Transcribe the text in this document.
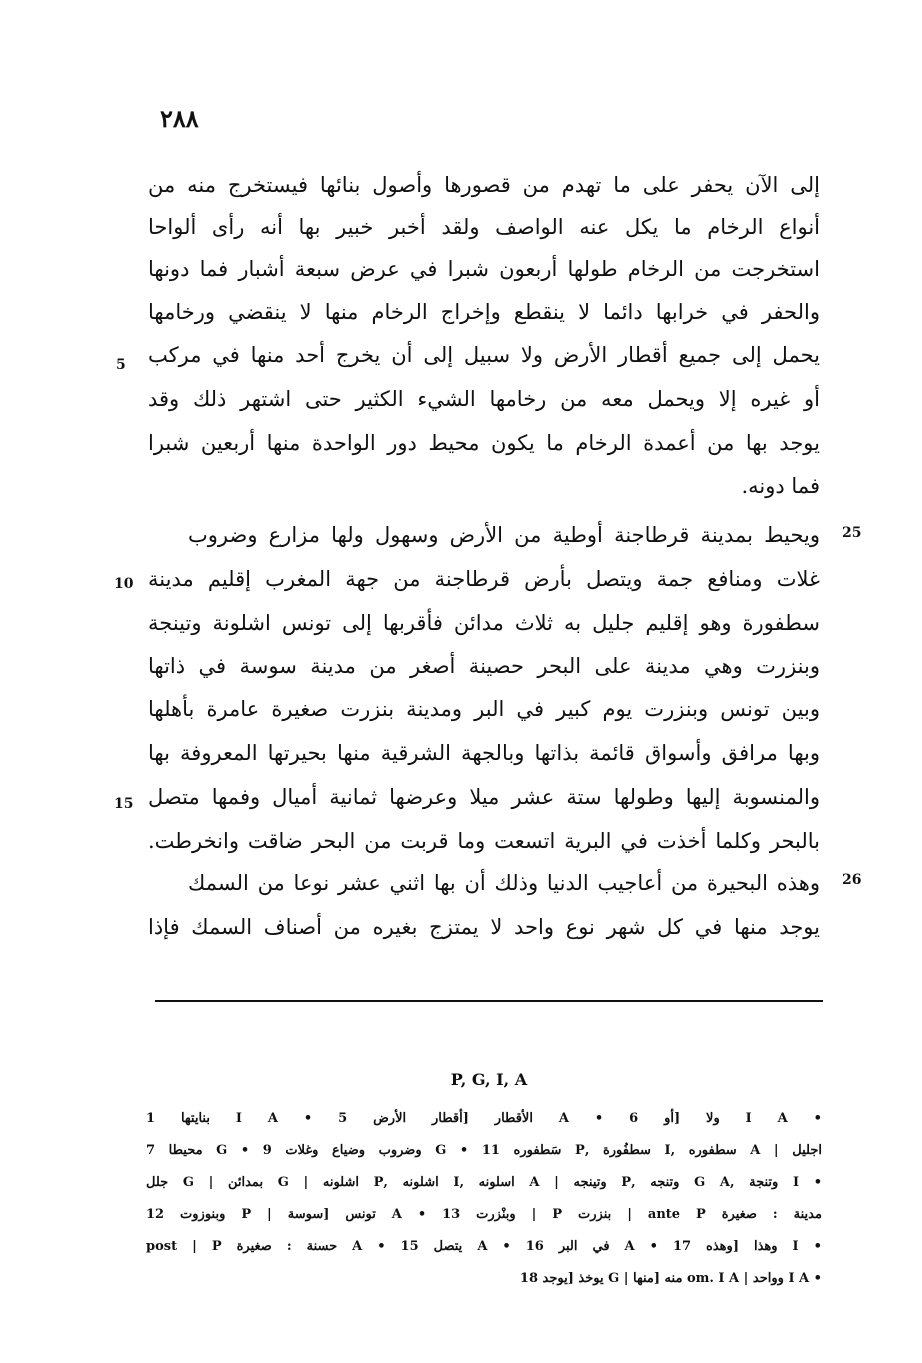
٢٨٨
إلى الآن يحفر على ما تهدم من قصورها وأصول بنائها فيستخرج منه من
أنواع الرخام ما يكل عنه الواصف ولقد أخبر خبير بها أنه رأى ألواحا
استخرجت من الرخام طولها أربعون شبرا في عرض سبعة أشبار فما دونها
والحفر في خرابها دائما لا ينقطع وإخراج الرخام منها لا ينقضي ورخامها
يحمل إلى جميع أقطار الأرض ولا سبيل إلى أن يخرج أحد منها في مركب
أو غيره إلا ويحمل معه من رخامها الشيء الكثير حتى اشتهر ذلك وقد
يوجد بها من أعمدة الرخام ما يكون محيط دور الواحدة منها أربعين شبرا
فما دونه.
ويحيط بمدينة قرطاجنة أوطية من الأرض وسهول ولها مزارع وضروب
غلات ومنافع جمة ويتصل بأرض قرطاجنة من جهة المغرب إقليم مدينة
سطفورة وهو إقليم جليل به ثلاث مدائن فأقربها إلى تونس اشلونة وتينجة
وبنزرت وهي مدينة على البحر حصينة أصغر من مدينة سوسة في ذاتها
وبين تونس وبنزرت يوم كبير في البر ومدينة بنزرت صغيرة عامرة بأهلها
وبها مرافق وأسواق قائمة بذاتها وبالجهة الشرقية منها بحيرتها المعروفة بها
والمنسوبة إليها وطولها ستة عشر ميلا وعرضها ثمانية أميال وفمها متصل
بالبحر وكلما أخذت في البرية اتسعت وما قربت من البحر ضاقت وانخرطت.
وهذه البحيرة من أعاجيب الدنيا وذلك أن بها اثني عشر نوعا من السمك
يوجد منها في كل شهر نوع واحد لا يمتزج بغيره من أصناف السمك فإذا
5
25
10
15
26
P, G, I, A
• I A ولا [أو 6 • A الأقطار [أقطار الأرض 5 • I A بنايتها 1
اجليل | A سطفوره ,I سطفُورة ,P سَطفوره 11 • G وضروب وضياع وغلات 9 • G محيطا 7
• I وتنجة ,G A وتنجه ,P وتينجه | A اسلونه ,I اشلونه ,P اشلونه | G بمدائن | G جلل
مدينة : صغيرة ante P | بنزرت P | وبنْزرت 13 • A تونس [سوسة | P وبنوزوت 12
• I وهذا [وهذه 17 • A في البر 16 • A يتصل 15 • A حسنة : صغيرة post | P
• I A وواحد | om. I A منه [منها | G يوخذ [يوجد 18
